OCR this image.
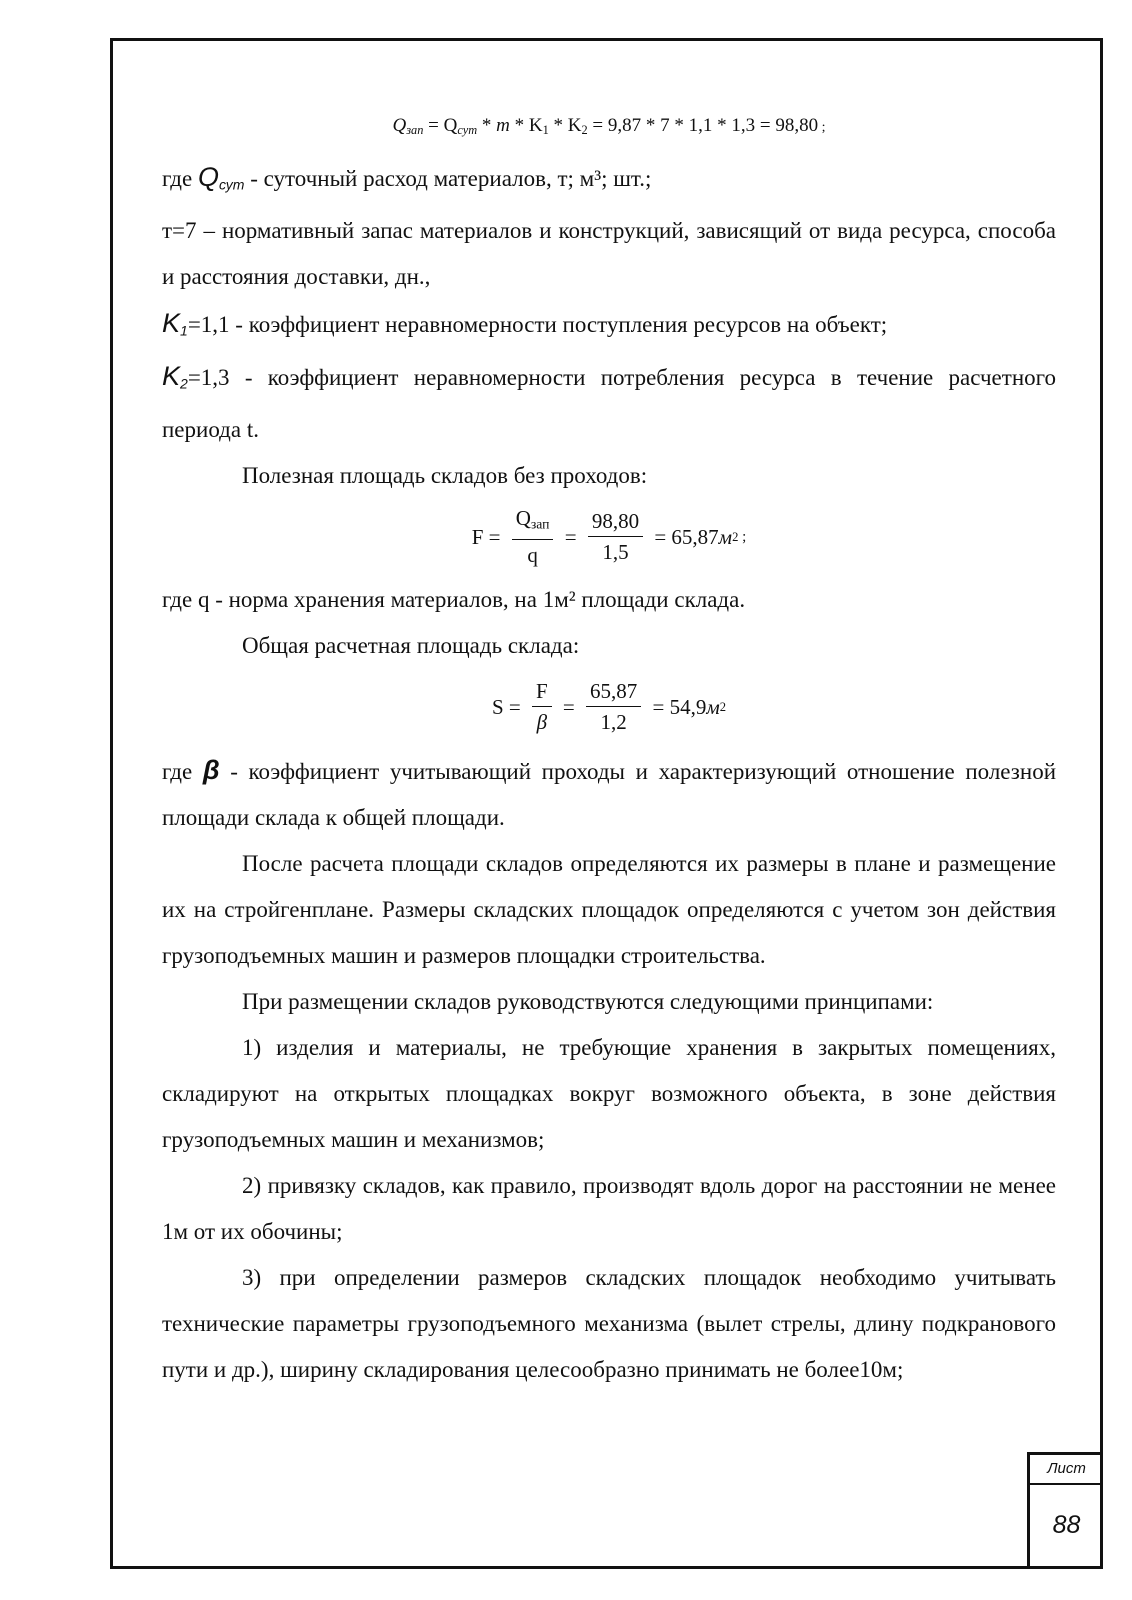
$Q_{зап} = Q_{сут} * m * K_1 * K_2 = 9,87 * 7 * 1,1 * 1,3 = 98,80$ ;

где $Q_{сут}$ - суточный расход материалов, т; м³; шт.;

т=7 – нормативный запас материалов и конструкций, зависящий от вида ресурса, способа и расстояния доставки, дн.,

$K_1=1,1$ - коэффициент неравномерности поступления ресурсов на объект;

$K_2=1,3$ - коэффициент неравномерности потребления ресурса в течение расчетного периода t.

Полезная площадь складов без проходов:

$F = \frac{Q_{зап}}{q} = \frac{98,80}{1,5} = 65,87$ м 2 ;

где q - норма хранения материалов, на 1м² площади склада.

Общая расчетная площадь склада:

$S = \frac{F}{\beta} = \frac{65,87}{1,2} = 54,9$ м 2

где β - коэффициент учитывающий проходы и характеризующий отношение полезной площади склада к общей площади.

После расчета площади складов определяются их размеры в плане и размещение их на стройгенплане. Размеры складских площадок определяются с учетом зон действия грузоподъемных машин и размеров площадки строительства.

При размещении складов руководствуются следующими принципами:

1) изделия и материалы, не требующие хранения в закрытых помещениях, складируют на открытых площадках вокруг возможного объекта, в зоне действия грузоподъемных машин и механизмов;

2) привязку складов, как правило, производят вдоль дорог на расстоянии не менее 1м от их обочины;

3) при определении размеров складских площадок необходимо учитывать технические параметры грузоподъемного механизма (вылет стрелы, длину подкранового пути и др.), ширину складирования целесообразно принимать не более10м;

Лист
88
